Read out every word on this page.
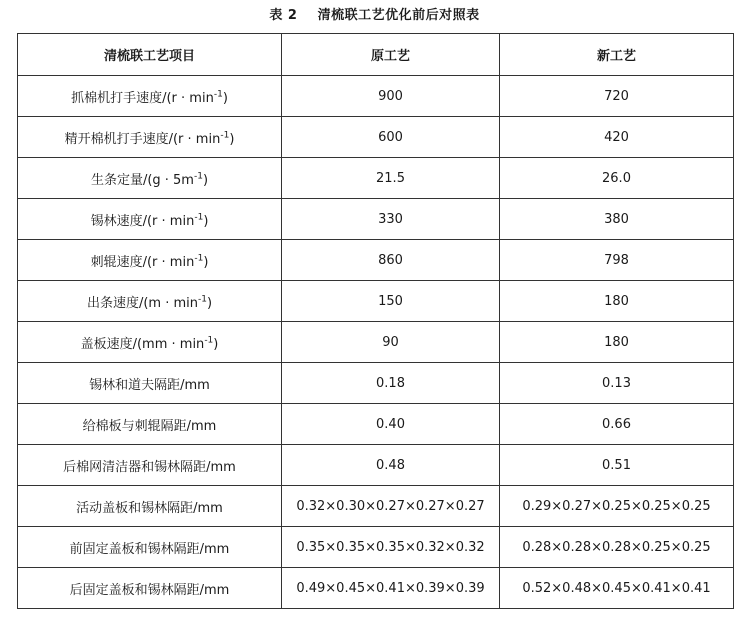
表 2    清梳联工艺优化前后对照表
清梳联工艺项目	原工艺	新工艺
抓棉机打手速度$/(r \cdot \min^{-1})$	900	720
精开棉机打手速度$/(r \cdot \min^{-1})$	600	420
生条定量$/(g \cdot 5m^{-1})$	21.5	26.0
锡林速度$/(r \cdot \min^{-1})$	330	380
刺辊速度$/(r \cdot \min^{-1})$	860	798
出条速度$/(m \cdot \min^{-1})$	150	180
盖板速度$/(mm \cdot \min^{-1})$	90	180
锡林和道夫隔距/mm	0.18	0.13
给棉板与刺辊隔距/mm	0.40	0.66
后棉网清洁器和锡林隔距/mm	0.48	0.51
活动盖板和锡林隔距/mm	0.32×0.30×0.27×0.27×0.27	0.29×0.27×0.25×0.25×0.25
前固定盖板和锡林隔距/mm	0.35×0.35×0.35×0.32×0.32	0.28×0.28×0.28×0.25×0.25
后固定盖板和锡林隔距/mm	0.49×0.45×0.41×0.39×0.39	0.52×0.48×0.45×0.41×0.41
